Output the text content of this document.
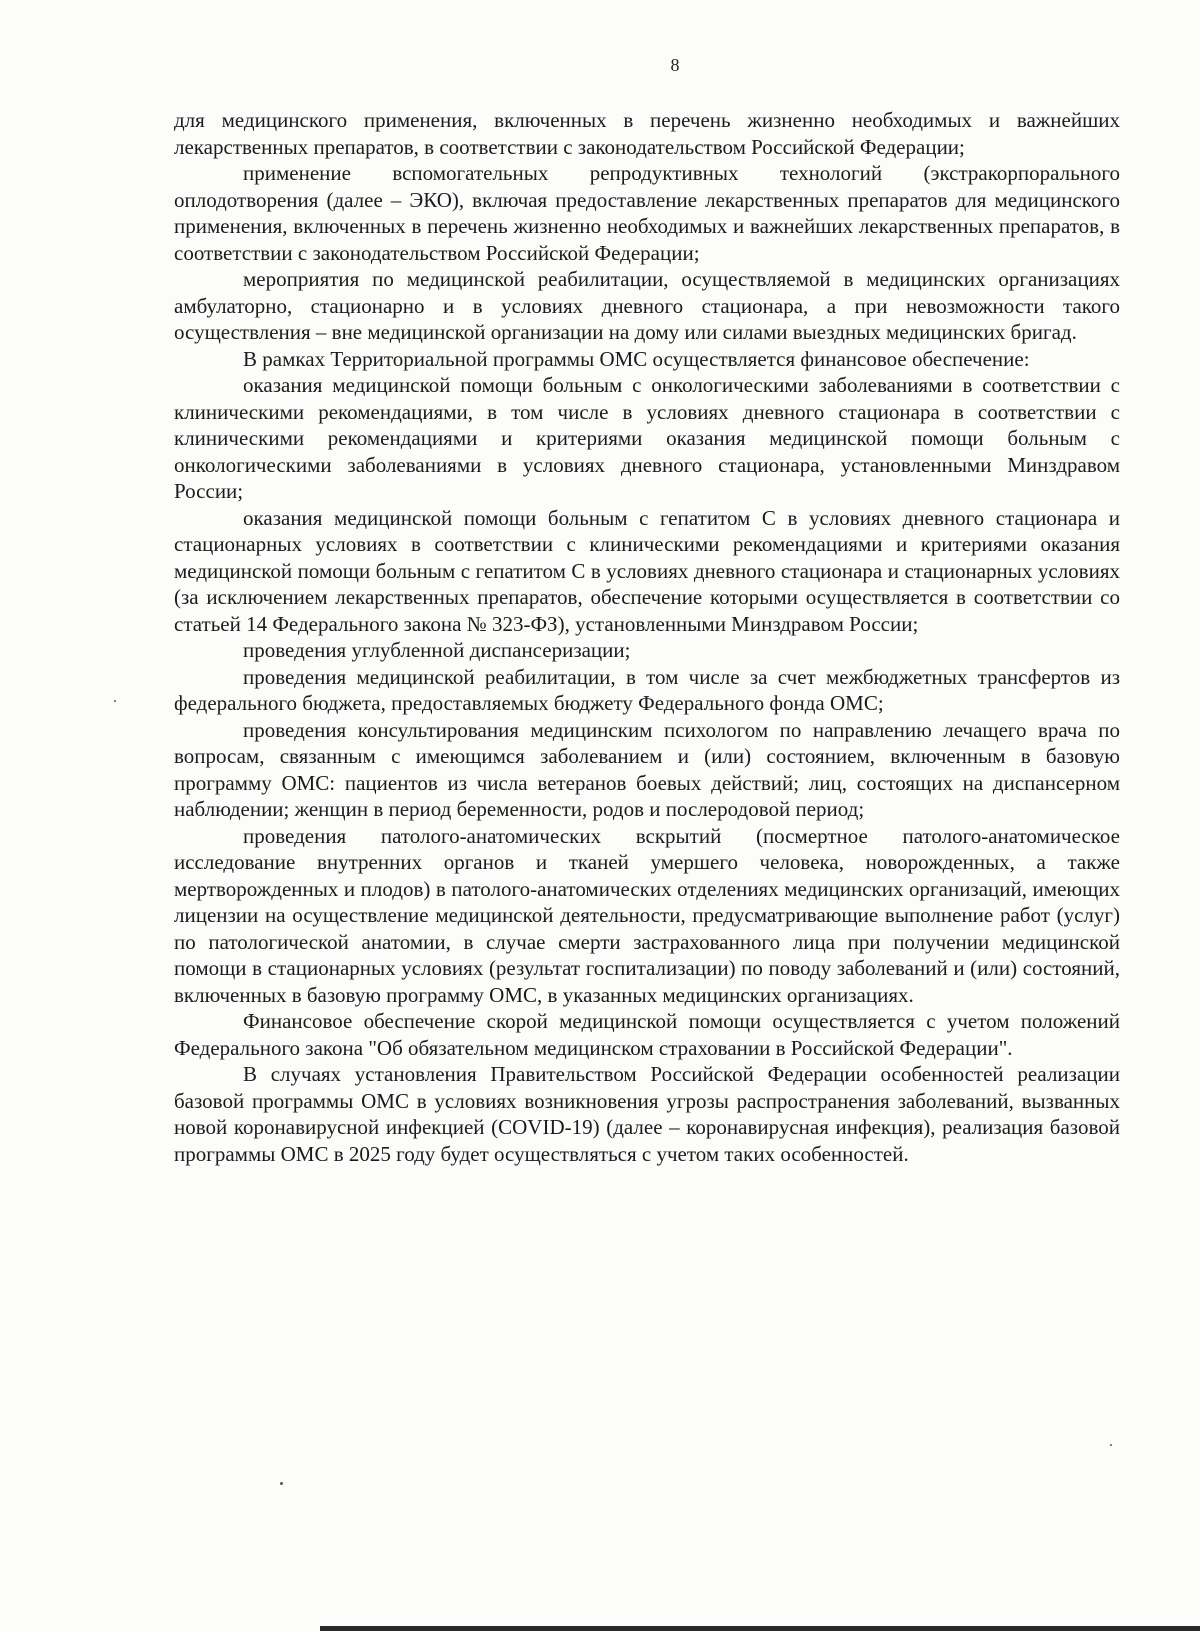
8

для медицинского применения, включенных в перечень жизненно необходимых и важнейших лекарственных препаратов, в соответствии с законодательством Российской Федерации;

применение вспомогательных репродуктивных технологий (экстракорпорального оплодотворения (далее – ЭКО), включая предоставление лекарственных препаратов для медицинского применения, включенных в перечень жизненно необходимых и важнейших лекарственных препаратов, в соответствии с законодательством Российской Федерации;

мероприятия по медицинской реабилитации, осуществляемой в медицинских организациях амбулаторно, стационарно и в условиях дневного стационара, а при невозможности такого осуществления – вне медицинской организации на дому или силами выездных медицинских бригад.

В рамках Территориальной программы ОМС осуществляется финансовое обеспечение:

оказания медицинской помощи больным с онкологическими заболеваниями в соответствии с клиническими рекомендациями, в том числе в условиях дневного стационара в соответствии с клиническими рекомендациями и критериями оказания медицинской помощи больным с онкологическими заболеваниями в условиях дневного стационара, установленными Минздравом России;

оказания медицинской помощи больным с гепатитом С в условиях дневного стационара и стационарных условиях в соответствии с клиническими рекомендациями и критериями оказания медицинской помощи больным с гепатитом С в условиях дневного стационара и стационарных условиях (за исключением лекарственных препаратов, обеспечение которыми осуществляется в соответствии со статьей 14 Федерального закона № 323-ФЗ), установленными Минздравом России;

проведения углубленной диспансеризации;

проведения медицинской реабилитации, в том числе за счет межбюджетных трансфертов из федерального бюджета, предоставляемых бюджету Федерального фонда ОМС;

проведения консультирования медицинским психологом по направлению лечащего врача по вопросам, связанным с имеющимся заболеванием и (или) состоянием, включенным в базовую программу ОМС: пациентов из числа ветеранов боевых действий; лиц, состоящих на диспансерном наблюдении; женщин в период беременности, родов и послеродовой период;

проведения патолого-анатомических вскрытий (посмертное патолого-анатомическое исследование внутренних органов и тканей умершего человека, новорожденных, а также мертворожденных и плодов) в патолого-анатомических отделениях медицинских организаций, имеющих лицензии на осуществление медицинской деятельности, предусматривающие выполнение работ (услуг) по патологической анатомии, в случае смерти застрахованного лица при получении медицинской помощи в стационарных условиях (результат госпитализации) по поводу заболеваний и (или) состояний, включенных в базовую программу ОМС, в указанных медицинских организациях.

Финансовое обеспечение скорой медицинской помощи осуществляется с учетом положений Федерального закона "Об обязательном медицинском страховании в Российской Федерации".

В случаях установления Правительством Российской Федерации особенностей реализации базовой программы ОМС в условиях возникновения угрозы распространения заболеваний, вызванных новой коронавирусной инфекцией (COVID-19) (далее – коронавирусная инфекция), реализация базовой программы ОМС в 2025 году будет осуществляться с учетом таких особенностей.
